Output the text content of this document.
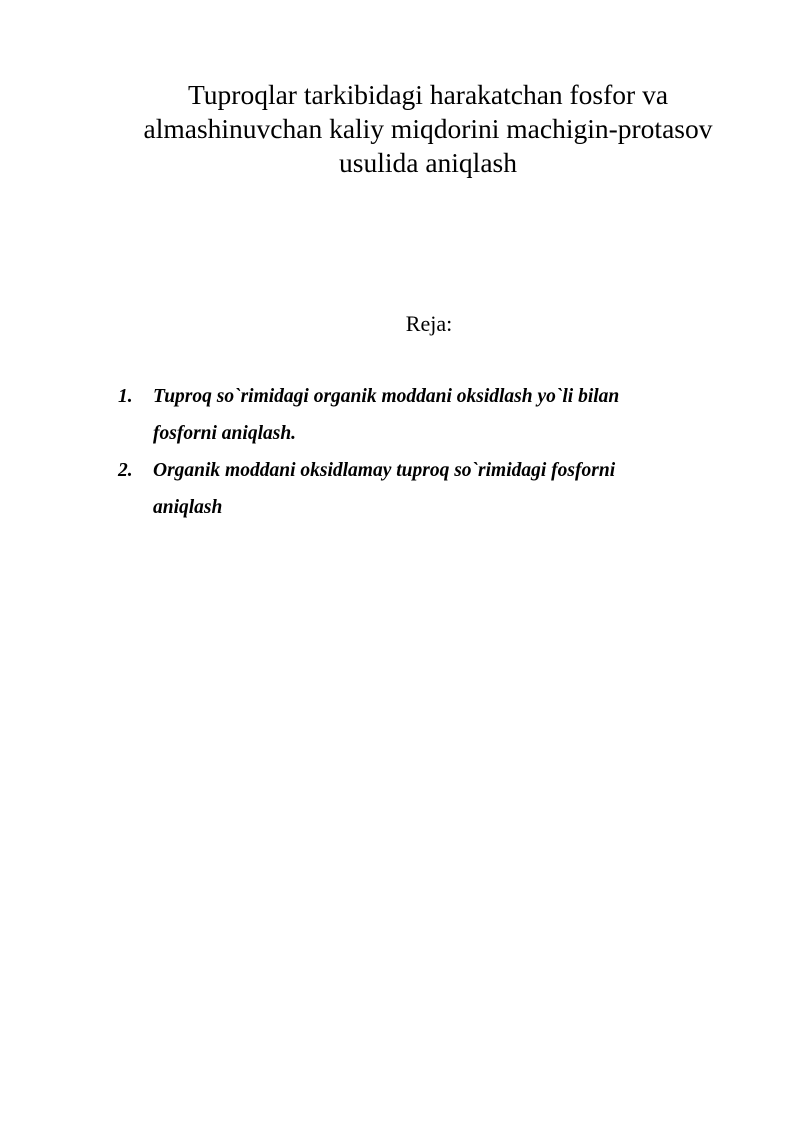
Tuproqlar tarkibidagi harakatchan fosfor va
almashinuvchan kaliy miqdorini machigin-protasov
usulida aniqlash
Reja:
1. Tuproq so`rimidagi organik moddani oksidlash yo`li bilan
fosforni aniqlash.
2. Organik moddani oksidlamay tuproq so`rimidagi fosforni
aniqlash
